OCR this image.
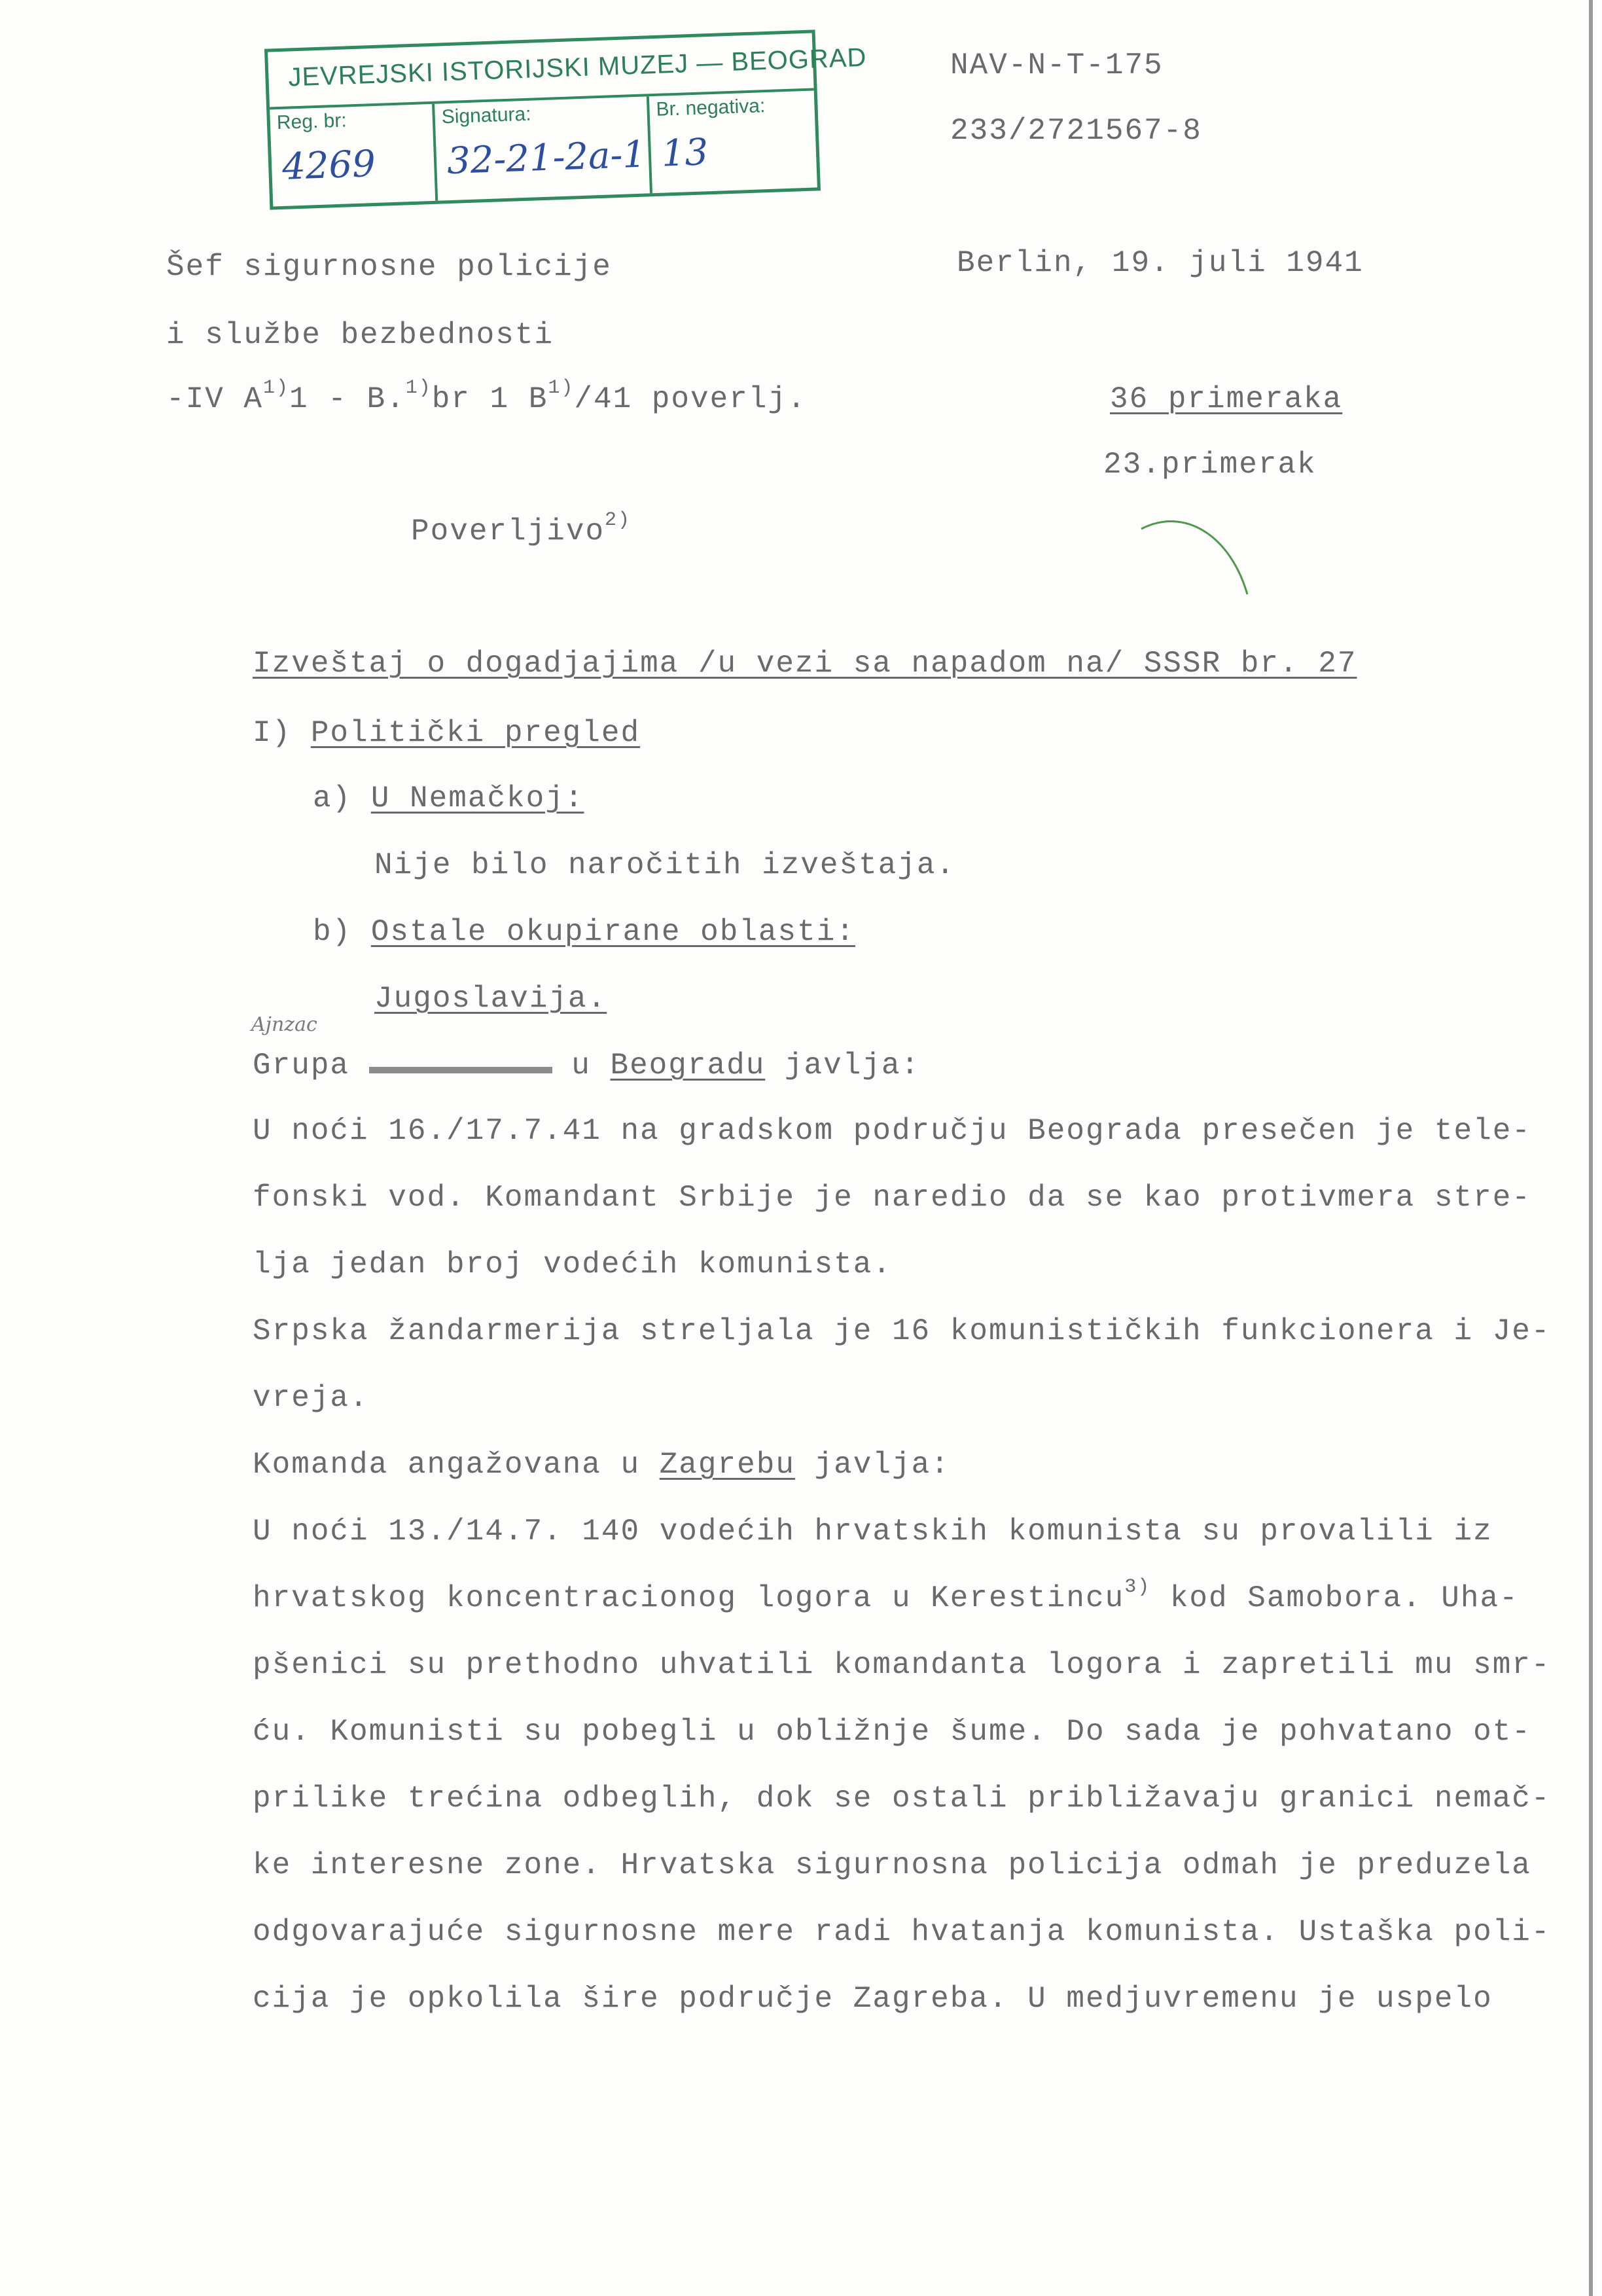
JEVREJSKI ISTORIJSKI MUZEJ — BEOGRAD
Reg. br:
4269
Signatura:
32-21-2a-1
Br. negativa:
13
NAV-N-T-175
233/2721567-8
Šef sigurnosne policije	Berlin, 19. juli 1941
i službe bezbednosti
-IV $A^{1)}1 - B.^{1)}br$ 1 $B^{1)}/41$ poverlj.	36 primeraka
23.primerak
Poverljivo$^{2)}$
Izveštaj o dogadjajima /u vezi sa napadom na/ SSSR br. 27
I) Politički pregled
a) U Nemačkoj:
Nije bilo naročitih izveštaja.
b) Ostale okupirane oblasti:
Jugoslavija.
Ajnzac
Grupa	u Beogradu javlja:
U noći 16./17.7.41 na gradskom području Beograda presečen je tele-
fonski vod. Komandant Srbije je naredio da se kao protivmera stre-
lja jedan broj vodećih komunista.
Srpska žandarmerija streljala je 16 komunističkih funkcionera i Je-
vreja.
Komanda angažovana u Zagrebu javlja:
U noći 13./14.7. 140 vodećih hrvatskih komunista su provalili iz
hrvatskog koncentracionog logora u Kerestincu$^{3)}$ kod Samobora. Uha-
pšenici su prethodno uhvatili komandanta logora i zapretili mu smr-
ću. Komunisti su pobegli u obližnje šume. Do sada je pohvatano ot-
prilike trećina odbeglih, dok se ostali približavaju granici nemač-
ke interesne zone. Hrvatska sigurnosna policija odmah je preduzela
odgovarajuće sigurnosne mere radi hvatanja komunista. Ustaška poli-
cija je opkolila šire područje Zagreba. U medjuvremenu je uspelo
